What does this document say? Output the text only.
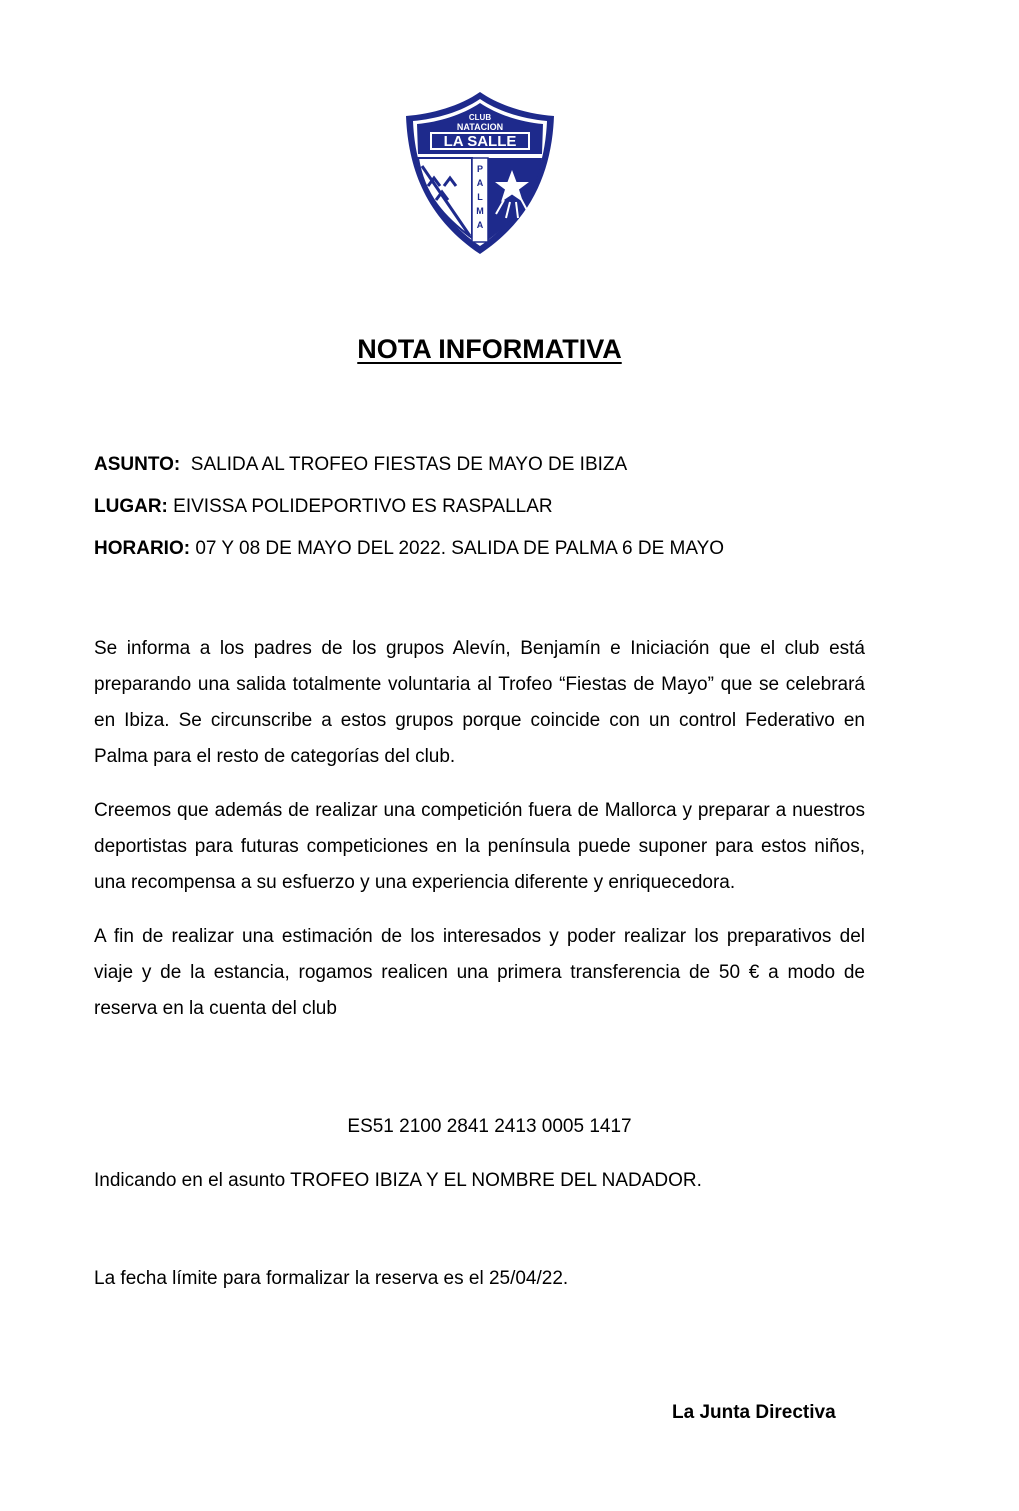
CLUB
NATACION
LA SALLE
P
A
L
M
A
NOTA INFORMATIVA
ASUNTO: SALIDA AL TROFEO FIESTAS DE MAYO DE IBIZA
LUGAR: EIVISSA POLIDEPORTIVO ES RASPALLAR
HORARIO: 07 Y 08 DE MAYO DEL 2022. SALIDA DE PALMA 6 DE MAYO

Se informa a los padres de los grupos Alevín, Benjamín e Iniciación que el club está preparando una salida totalmente voluntaria al Trofeo “Fiestas de Mayo” que se celebrará en Ibiza. Se circunscribe a estos grupos porque coincide con un control Federativo en Palma para el resto de categorías del club.

Creemos que además de realizar una competición fuera de Mallorca y preparar a nuestros deportistas para futuras competiciones en la península puede suponer para estos niños, una recompensa a su esfuerzo y una experiencia diferente y enriquecedora.

A fin de realizar una estimación de los interesados y poder realizar los preparativos del viaje y de la estancia, rogamos realicen una primera transferencia de 50 € a modo de reserva en la cuenta del club

ES51 2100 2841 2413 0005 1417
Indicando en el asunto TROFEO IBIZA Y EL NOMBRE DEL NADADOR.
La fecha límite para formalizar la reserva es el 25/04/22.
La Junta Directiva
